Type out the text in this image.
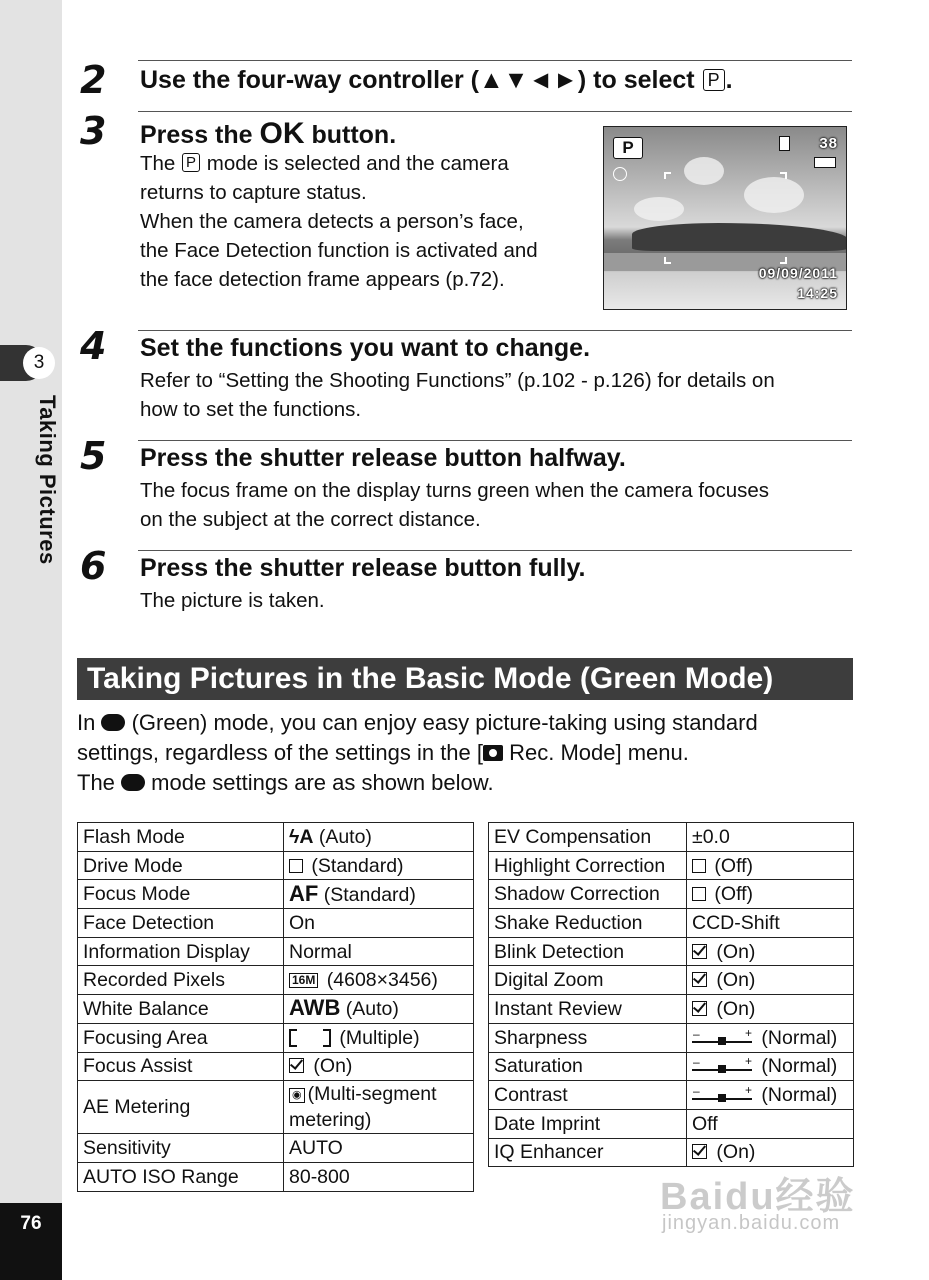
3
Taking Pictures
76
2 Use the four-way controller (▲▼◄►) to select P .
3 Press the OK button.
The P mode is selected and the camera
returns to capture status.
When the camera detects a person’s face,
the Face Detection function is activated and
the face detection frame appears (p.72).
P	38
09/09/2011
14:25
4 Set the functions you want to change.
Refer to “Setting the Shooting Functions” (p.102 - p.126) for details on
how to set the functions.
5 Press the shutter release button halfway.
The focus frame on the display turns green when the camera focuses
on the subject at the correct distance.
6 Press the shutter release button fully.
The picture is taken.
Taking Pictures in the Basic Mode (Green Mode)
In  (Green) mode, you can enjoy easy picture-taking using standard
settings, regardless of the settings in the [ Rec. Mode] menu.
The  mode settings are as shown below.
Flash Mode	ϟA (Auto)
Drive Mode	(Standard)
Focus Mode	AF (Standard)
Face Detection	On
Information Display	Normal
Recorded Pixels	16M (4608×3456)
White Balance	AWB (Auto)
Focusing Area	(Multiple)
Focus Assist	(On)
AE Metering	◉ (Multi-segment metering)
Sensitivity	AUTO
AUTO ISO Range	80-800
EV Compensation	±0.0
Highlight Correction	(Off)
Shadow Correction	(Off)
Shake Reduction	CCD-Shift
Blink Detection	(On)
Digital Zoom	(On)
Instant Review	(On)
Sharpness	– + (Normal)
Saturation	– + (Normal)
Contrast	– + (Normal)
Date Imprint	Off
IQ Enhancer	(On)
Baidu经验
jingyan.baidu.com
